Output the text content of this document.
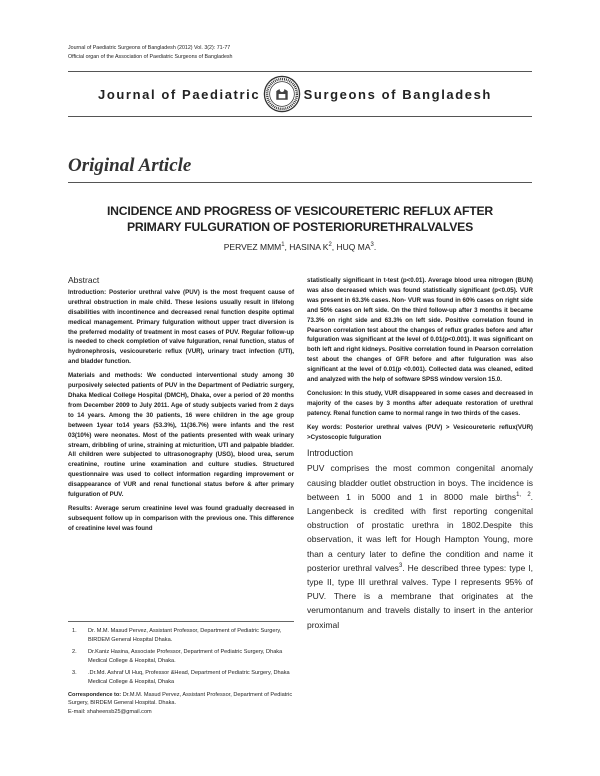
Journal of Paediatric Surgeons of Bangladesh (2012) Vol. 3(2): 71-77
Official organ of the Association of Paediatric Surgeons of Bangladesh
Journal of Paediatric	Surgeons of Bangladesh
Original Article
INCIDENCE AND PROGRESS OF VESICOURETERIC REFLUX AFTER
PRIMARY FULGURATION OF POSTERIORURETHRALVALVES
PERVEZ MMM$^1$, HASINA $K^2$, HUQ $MA^3$.
Abstract

Introduction: Posterior urethral valve (PUV) is the most frequent cause of urethral obstruction in male child. These lesions usually result in lifelong disabilities with incontinence and decreased renal function despite optimal medical management. Primary fulguration without upper tract diversion is the preferred modality of treatment in most cases of PUV. Regular follow-up is needed to check completion of valve fulguration, renal function, status of hydronephrosis, vesicoureteric reflux (VUR), urinary tract infection (UTI), and bladder function.

Materials and methods: We conducted interventional study among 30 purposively selected patients of PUV in the Department of Pediatric surgery, Dhaka Medical College Hospital (DMCH), Dhaka, over a period of 20 months from December 2009 to July 2011. Age of study subjects varied from 2 days to 14 years. Among the 30 patients, 16 were children in the age group between 1year to14 years (53.3%), 11(36.7%) were infants and the rest 03(10%) were neonates. Most of the patients presented with weak urinary stream, dribbling of urine, straining at micturition, UTI and palpable bladder. All children were subjected to ultrasonography (USG), blood urea, serum creatinine, routine urine examination and culture studies. Structured questionnaire was used to collect information regarding improvement or disappearance of VUR and renal functional status before & after primary fulguration of PUV.

Results: Average serum creatinine level was found gradually decreased in subsequent follow up in comparison with the previous one. This difference of creatinine level was found

1.	Dr. M.M. Masud Pervez, Assistant Professor, Department of Pediatric Surgery, BIRDEM General Hospital Dhaka.
2.	Dr.Kaniz Hasina, Associate Professor, Department of Pediatric Surgery, Dhaka Medical College & Hospital, Dhaka.
3.	.Dr.Md. Ashraf Ul Huq, Professor &Head, Department of Pediatric Surgery, Dhaka Medical College & Hospital, Dhaka
Correspondence to: Dr.M.M. Masud Pervez, Assistant Professor, Department of Pediatric Surgery, BIRDEM General Hospital. Dhaka.
E-mail: shaheensb25@gmail.com

statistically significant in t-test (p<0.01). Average blood urea nitrogen (BUN) was also decreased which was found statistically significant (p<0.05). VUR was present in 63.3% cases. Non- VUR was found in 60% cases on right side and 50% cases on left side. On the third follow-up after 3 months it became 73.3% on right side and 63.3% on left side. Positive correlation found in Pearson correlation test about the changes of reflux grades before and after fulguration was significant at the level of 0.01(p<0.001). It was significant on both left and right kidneys. Positive correlation found in Pearson correlation test about the changes of GFR before and after fulguration was also significant at the level of 0.01(p <0.001). Collected data was cleaned, edited and analyzed with the help of software SPSS window version 15.0.

Conclusion: In this study, VUR disappeared in some cases and decreased in majority of the cases by 3 months after adequate restoration of urethral patency. Renal function came to normal range in two thirds of the cases.

Key words: Posterior urethral valves (PUV) > Vesicoureteric reflux(VUR) >Cystoscopic fulguration

Introduction

PUV comprises the most common congenital anomaly causing bladder outlet obstruction in boys. The incidence is between 1 in 5000 and 1 in 8000 male births$^{1, 2}$. Langenbeck is credited with first reporting congenital obstruction of prostatic urethra in 1802.Despite this observation, it was left for Hough Hampton Young, more than a century later to define the condition and name it posterior urethral valves$^3$. He described three types: type I, type II, type III urethral valves. Type I represents 95% of PUV. There is a membrane that originates at the verumontanum and travels distally to insert in the anterior proximal
